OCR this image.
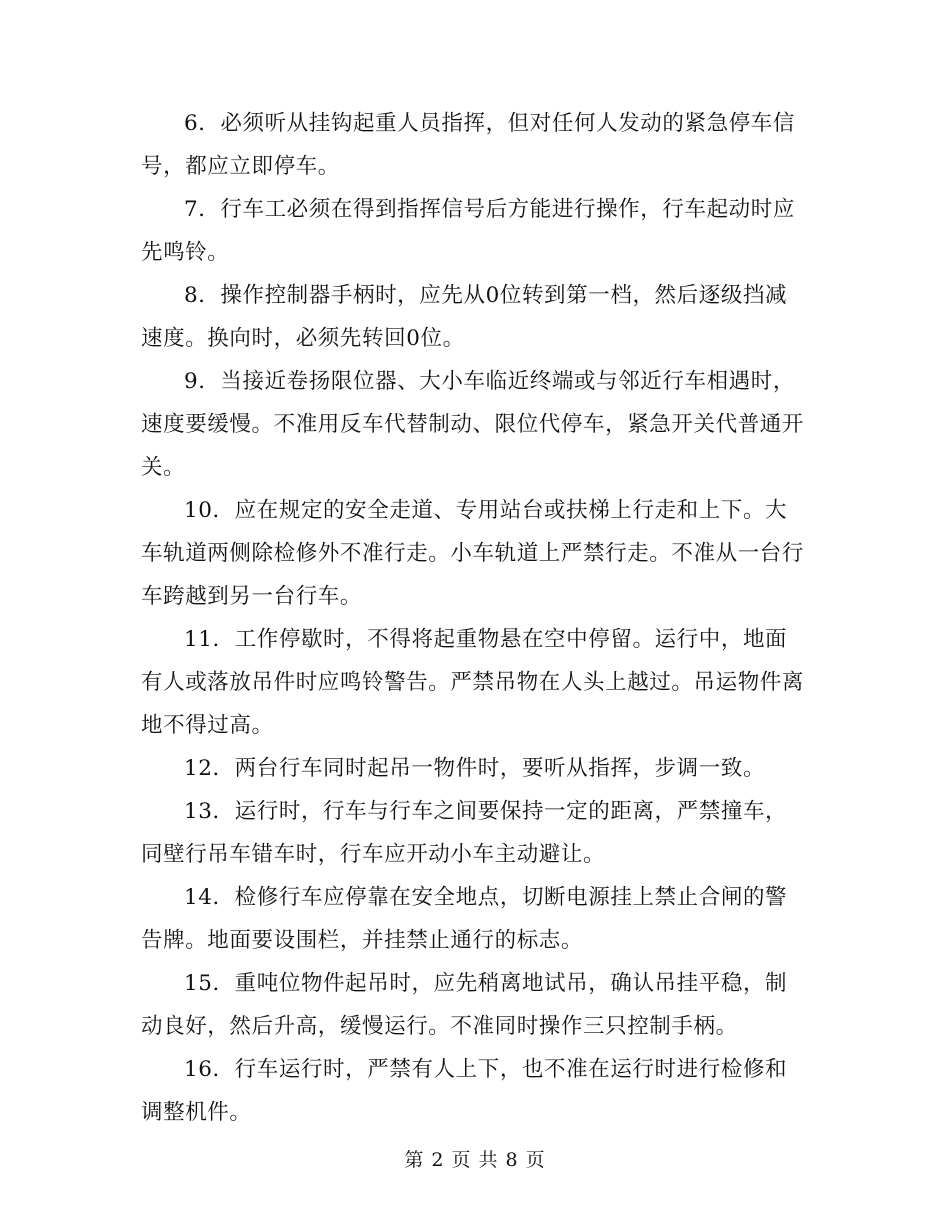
6．必须听从挂钩起重人员指挥，但对任何人发动的紧急停车信号，都应立即停车。

7．行车工必须在得到指挥信号后方能进行操作，行车起动时应先鸣铃。

8．操作控制器手柄时，应先从0位转到第一档，然后逐级挡减速度。换向时，必须先转回0位。

9．当接近卷扬限位器、大小车临近终端或与邻近行车相遇时，速度要缓慢。不准用反车代替制动、限位代停车，紧急开关代普通开关。

10．应在规定的安全走道、专用站台或扶梯上行走和上下。大车轨道两侧除检修外不准行走。小车轨道上严禁行走。不准从一台行车跨越到另一台行车。

11．工作停歇时，不得将起重物悬在空中停留。运行中，地面有人或落放吊件时应鸣铃警告。严禁吊物在人头上越过。吊运物件离地不得过高。

12．两台行车同时起吊一物件时，要听从指挥，步调一致。

13．运行时，行车与行车之间要保持一定的距离，严禁撞车，同壁行吊车错车时，行车应开动小车主动避让。

14．检修行车应停靠在安全地点，切断电源挂上禁止合闸的警告牌。地面要设围栏，并挂禁止通行的标志。

15．重吨位物件起吊时，应先稍离地试吊，确认吊挂平稳，制动良好，然后升高，缓慢运行。不准同时操作三只控制手柄。

16．行车运行时，严禁有人上下，也不准在运行时进行检修和调整机件。

第 2 页 共 8 页
